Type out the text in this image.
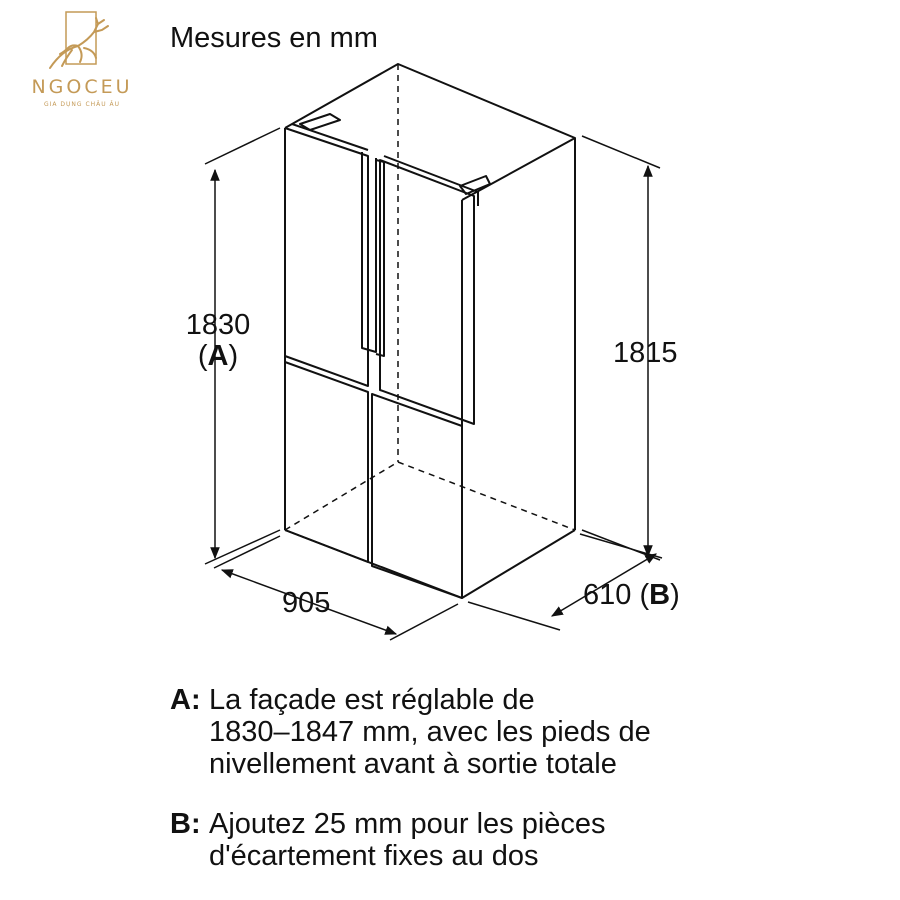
NGOCEU
GIA DỤNG CHÂU ÂU
Mesures en mm
1830
(A)	1815
905	610 (B)
A: La façade est réglable de
1830–1847 mm, avec les pieds de
nivellement avant à sortie totale
B: Ajoutez 25 mm pour les pièces
d'écartement fixes au dos
